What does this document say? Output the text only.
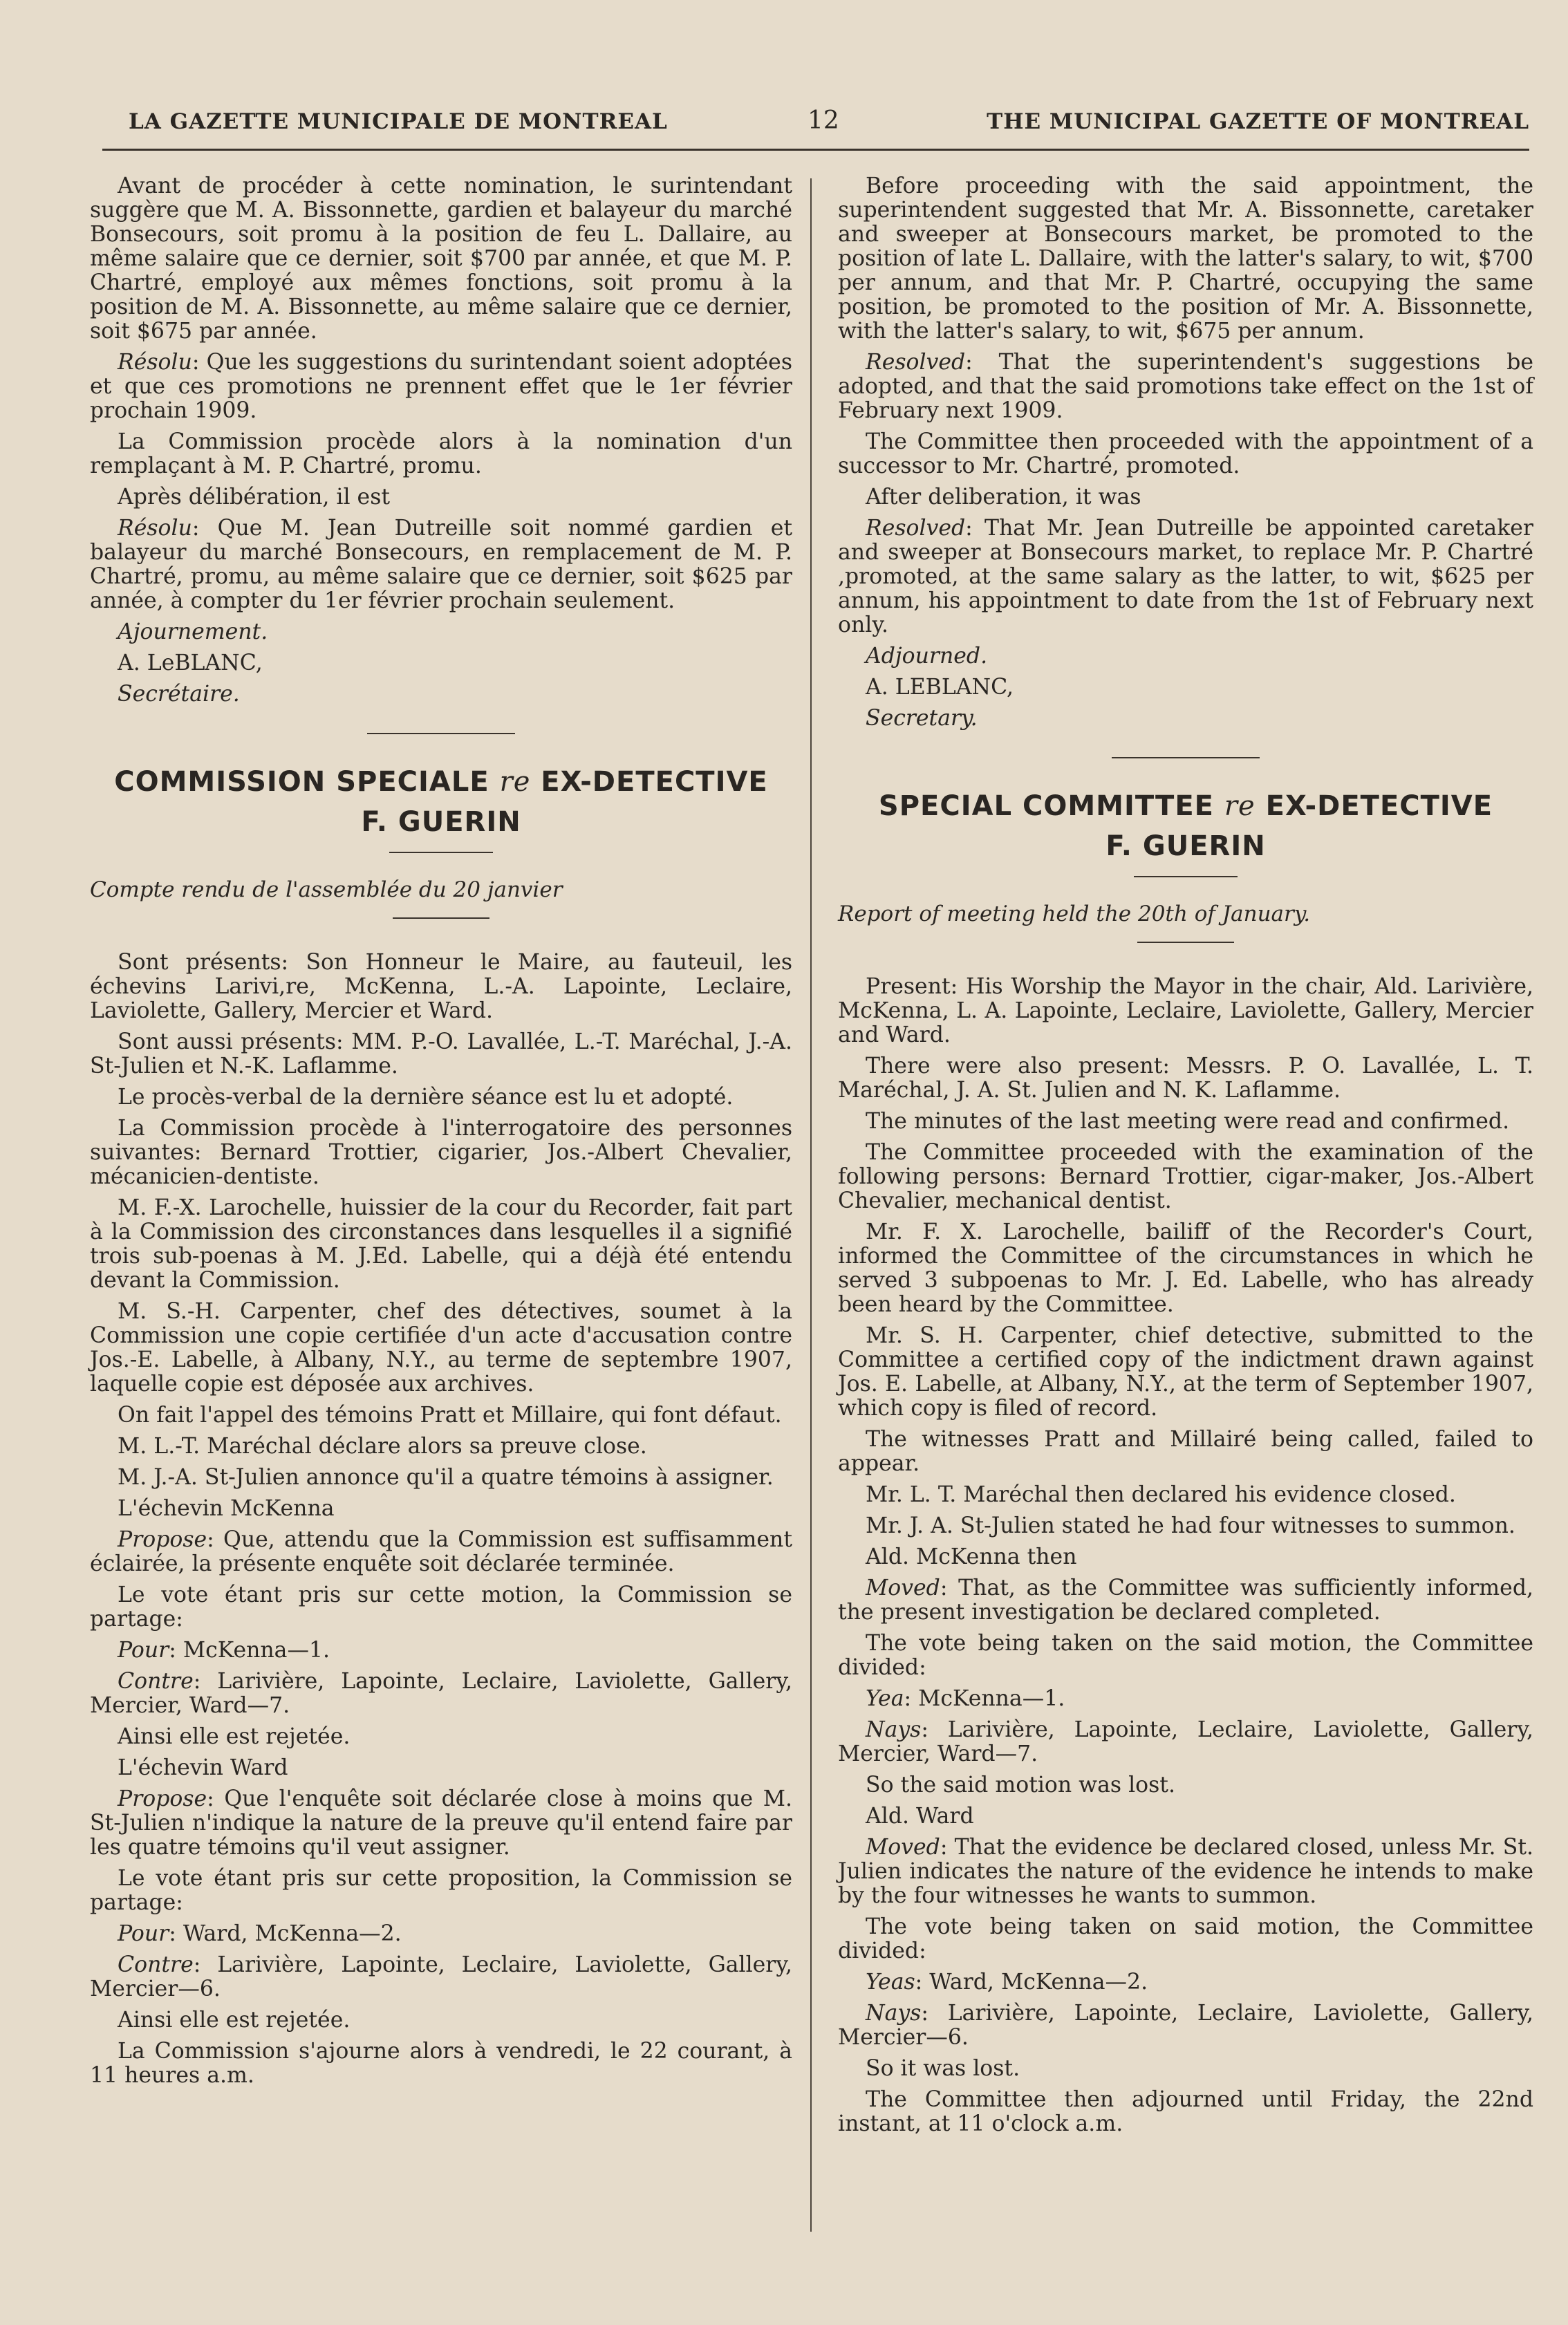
LA GAZETTE MUNICIPALE DE MONTREAL	12	THE MUNICIPAL GAZETTE OF MONTREAL

Avant de procéder à cette nomination, le surintendant suggère que M. A. Bissonnette, gardien et balayeur du marché Bonsecours, soit promu à la position de feu L. Dallaire, au même salaire que ce dernier, soit $700 par année, et que M. P. Chartré, employé aux mêmes fonctions, soit promu à la position de M. A. Bissonnette, au même salaire que ce dernier, soit $675 par année.

Résolu: Que les suggestions du surintendant soient adoptées et que ces promotions ne prennent effet que le 1er février prochain 1909.

La Commission procède alors à la nomination d'un remplaçant à M. P. Chartré, promu.

Après délibération, il est

Résolu: Que M. Jean Dutreille soit nommé gardien et balayeur du marché Bonsecours, en remplacement de M. P. Chartré, promu, au même salaire que ce dernier, soit $625 par année, à compter du 1er février prochain seulement.

Ajournement.

A. LeBLANC,

Secrétaire.

COMMISSION SPECIALE re EX-DETECTIVE
F. GUERIN

Compte rendu de l'assemblée du 20 janvier

Sont présents: Son Honneur le Maire, au fauteuil, les échevins Larivi,re, McKenna, L.-A. Lapointe, Leclaire, Laviolette, Gallery, Mercier et Ward.

Sont aussi présents: MM. P.-O. Lavallée, L.-T. Maréchal, J.-A. St-Julien et N.-K. Laflamme.

Le procès-verbal de la dernière séance est lu et adopté.

La Commission procède à l'interrogatoire des personnes suivantes: Bernard Trottier, cigarier, Jos.-Albert Chevalier, mécanicien-dentiste.

M. F.-X. Larochelle, huissier de la cour du Recorder, fait part à la Commission des circonstances dans lesquelles il a signifié trois sub-poenas à M. J.Ed. Labelle, qui a déjà été entendu devant la Commission.

M. S.-H. Carpenter, chef des détectives, soumet à la Commission une copie certifiée d'un acte d'accusation contre Jos.-E. Labelle, à Albany, N.Y., au terme de septembre 1907, laquelle copie est déposée aux archives.

On fait l'appel des témoins Pratt et Millaire, qui font défaut.

M. L.-T. Maréchal déclare alors sa preuve close.

M. J.-A. St-Julien annonce qu'il a quatre témoins à assigner.

L'échevin McKenna

Propose: Que, attendu que la Commission est suffisamment éclairée, la présente enquête soit déclarée terminée.

Le vote étant pris sur cette motion, la Commission se partage:

Pour: McKenna—1.

Contre: Larivière, Lapointe, Leclaire, Laviolette, Gallery, Mercier, Ward—7.

Ainsi elle est rejetée.

L'échevin Ward

Propose: Que l'enquête soit déclarée close à moins que M. St-Julien n'indique la nature de la preuve qu'il entend faire par les quatre témoins qu'il veut assigner.

Le vote étant pris sur cette proposition, la Commission se partage:

Pour: Ward, McKenna—2.

Contre: Larivière, Lapointe, Leclaire, Laviolette, Gallery, Mercier—6.

Ainsi elle est rejetée.

La Commission s'ajourne alors à vendredi, le 22 courant, à 11 heures a.m.

Before proceeding with the said appointment, the superintendent suggested that Mr. A. Bissonnette, caretaker and sweeper at Bonsecours market, be promoted to the position of late L. Dallaire, with the latter's salary, to wit, $700 per annum, and that Mr. P. Chartré, occupying the same position, be promoted to the position of Mr. A. Bissonnette, with the latter's salary, to wit, $675 per annum.

Resolved: That the superintendent's suggestions be adopted, and that the said promotions take effect on the 1st of February next 1909.

The Committee then proceeded with the appointment of a successor to Mr. Chartré, promoted.

After deliberation, it was

Resolved: That Mr. Jean Dutreille be appointed caretaker and sweeper at Bonsecours market, to replace Mr. P. Chartré ,promoted, at the same salary as the latter, to wit, $625 per annum, his appointment to date from the 1st of February next only.

Adjourned.

A. LEBLANC,

Secretary.

SPECIAL COMMITTEE re EX-DETECTIVE
F. GUERIN

Report of meeting held the 20th of January.

Present: His Worship the Mayor in the chair, Ald. Larivière, McKenna, L. A. Lapointe, Leclaire, Laviolette, Gallery, Mercier and Ward.

There were also present: Messrs. P. O. Lavallée, L. T. Maréchal, J. A. St. Julien and N. K. Laflamme.

The minutes of the last meeting were read and confirmed.

The Committee proceeded with the examination of the following persons: Bernard Trottier, cigar-maker, Jos.-Albert Chevalier, mechanical dentist.

Mr. F. X. Larochelle, bailiff of the Recorder's Court, informed the Committee of the circumstances in which he served 3 subpoenas to Mr. J. Ed. Labelle, who has already been heard by the Committee.

Mr. S. H. Carpenter, chief detective, submitted to the Committee a certified copy of the indictment drawn against Jos. E. Labelle, at Albany, N.Y., at the term of September 1907, which copy is filed of record.

The witnesses Pratt and Millairé being called, failed to appear.

Mr. L. T. Maréchal then declared his evidence closed.

Mr. J. A. St-Julien stated he had four witnesses to summon.

Ald. McKenna then

Moved: That, as the Committee was sufficiently informed, the present investigation be declared completed.

The vote being taken on the said motion, the Committee divided:

Yea: McKenna—1.

Nays: Larivière, Lapointe, Leclaire, Laviolette, Gallery, Mercier, Ward—7.

So the said motion was lost.

Ald. Ward

Moved: That the evidence be declared closed, unless Mr. St. Julien indicates the nature of the evidence he intends to make by the four witnesses he wants to summon.

The vote being taken on said motion, the Committee divided:

Yeas: Ward, McKenna—2.

Nays: Larivière, Lapointe, Leclaire, Laviolette, Gallery, Mercier—6.

So it was lost.

The Committee then adjourned until Friday, the 22nd instant, at 11 o'clock a.m.
